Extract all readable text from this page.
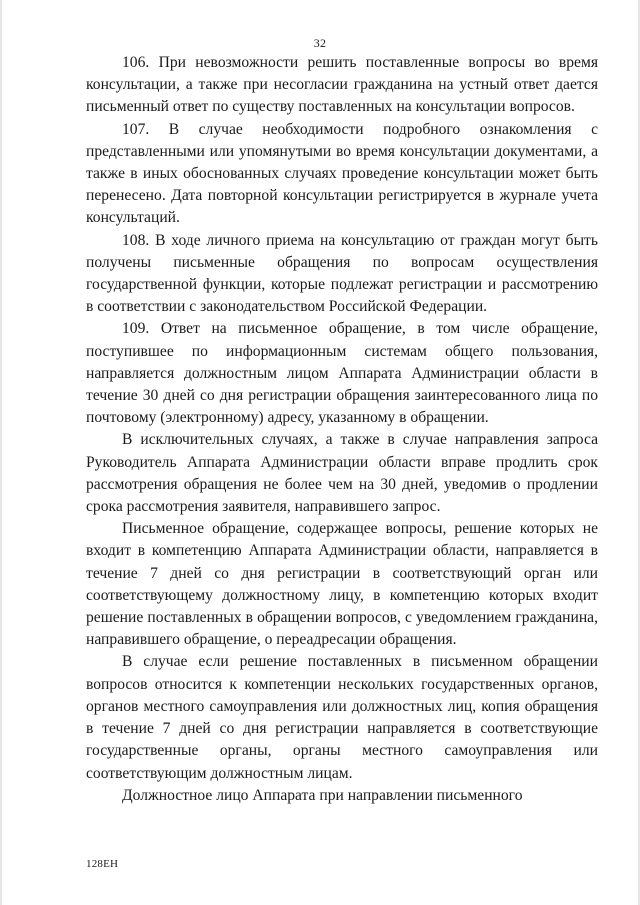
32

106. При невозможности решить поставленные вопросы во время консультации, а также при несогласии гражданина на устный ответ дается письменный ответ по существу поставленных на консультации вопросов.

107. В случае необходимости подробного ознакомления с представленными или упомянутыми во время консультации документами, а также в иных обоснованных случаях проведение консультации может быть перенесено. Дата повторной консультации регистрируется в журнале учета консультаций.

108. В ходе личного приема на консультацию от граждан могут быть получены письменные обращения по вопросам осуществления государственной функции, которые подлежат регистрации и рассмотрению в соответствии с законодательством Российской Федерации.

109. Ответ на письменное обращение, в том числе обращение, поступившее по информационным системам общего пользования, направляется должностным лицом Аппарата Администрации области в течение 30 дней со дня регистрации обращения заинтересованного лица по почтовому (электронному) адресу, указанному в обращении.

В исключительных случаях, а также в случае направления запроса Руководитель Аппарата Администрации области вправе продлить срок рассмотрения обращения не более чем на 30 дней, уведомив о продлении срока рассмотрения заявителя, направившего запрос.

Письменное обращение, содержащее вопросы, решение которых не входит в компетенцию Аппарата Администрации области, направляется в течение 7 дней со дня регистрации в соответствующий орган или соответствующему должностному лицу, в компетенцию которых входит решение поставленных в обращении вопросов, с уведомлением гражданина, направившего обращение, о переадресации обращения.

В случае если решение поставленных в письменном обращении вопросов относится к компетенции нескольких государственных органов, органов местного самоуправления или должностных лиц, копия обращения в течение 7 дней со дня регистрации направляется в соответствующие государственные органы, органы местного самоуправления или соответствующим должностным лицам.

Должностное лицо Аппарата при направлении письменного

128ЕН
